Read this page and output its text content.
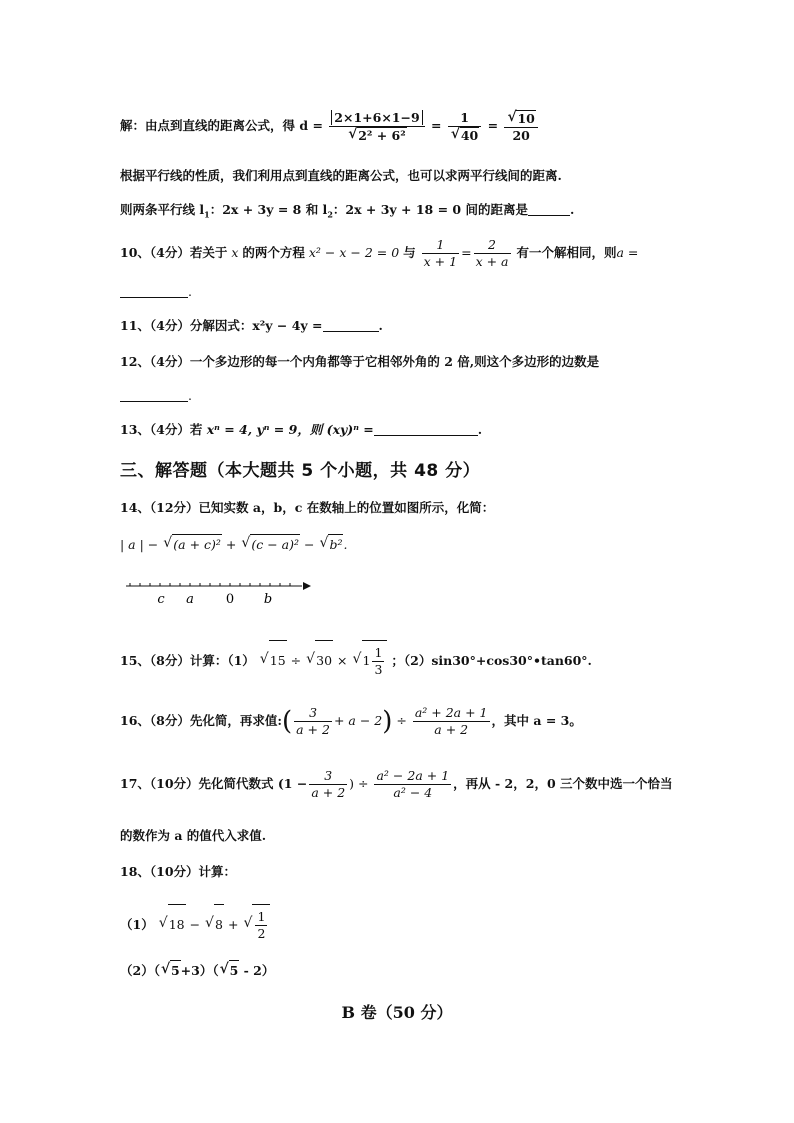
解：由点到直线的距离公式，得 d = 2×1+6×1−9
√ 2² + 6² = 1
√ 40 = √ $\frac{10}{20}$
根据平行线的性质，我们利用点到直线的距离公式，也可以求两平行线间的距离.
则两条平行线 $l_1$：2x + 3y = 8 和 $l_2$：2x + 3y + 18 = 0 间的距离是	.
10、（4分）若关于 x 的两个方程 x² − x − 2 = 0 与 $\frac{1}{x + 1} = \frac{2}{x + a}$ 有一个解相同，则a =
.
11、（4分）分解因式：x²y − 4y =	.
12、（4分）一个多边形的每一个内角都等于它相邻外角的 2 倍,则这个多边形的边数是
.
13、（4分）若 xⁿ = 4, yⁿ = 9，则 (xy)ⁿ =	.
三、解答题（本大题共 5 个小题，共 48 分）
14、（12分）已知实数 a，b，c 在数轴上的位置如图所示，化简：
| a | − √ (a + c)² + √ (c − a)² − √ b².
c a 0 b
15、（8分）计算：（1） √ 15 ÷ √ 30 × √ $1 \frac{1}{3}$ ；（2）sin30°+cos30°•tan60°.
16、（8分）先化简，再求值:( $\frac{3}{a + 2} + a - 2) \div \frac{\text{a² + 2a + 1}}{a + 2}$ ，其中 a = 3。
17、（10分）先化简代数式 ($1 - \frac{3}{a + 2}$ ) ÷ $\frac{\text{a² − 2a + 1}}{\text{a² − 4}}$ ，再从 - 2，2，0 三个数中选一个恰当
的数作为 a 的值代入求值.
18、（10分）计算：
（1） √ 18 − √ 8 + √ $\frac{1}{2}$
（2）（ √ 5+3）（ √ 5 - 2）
B 卷（50 分）
